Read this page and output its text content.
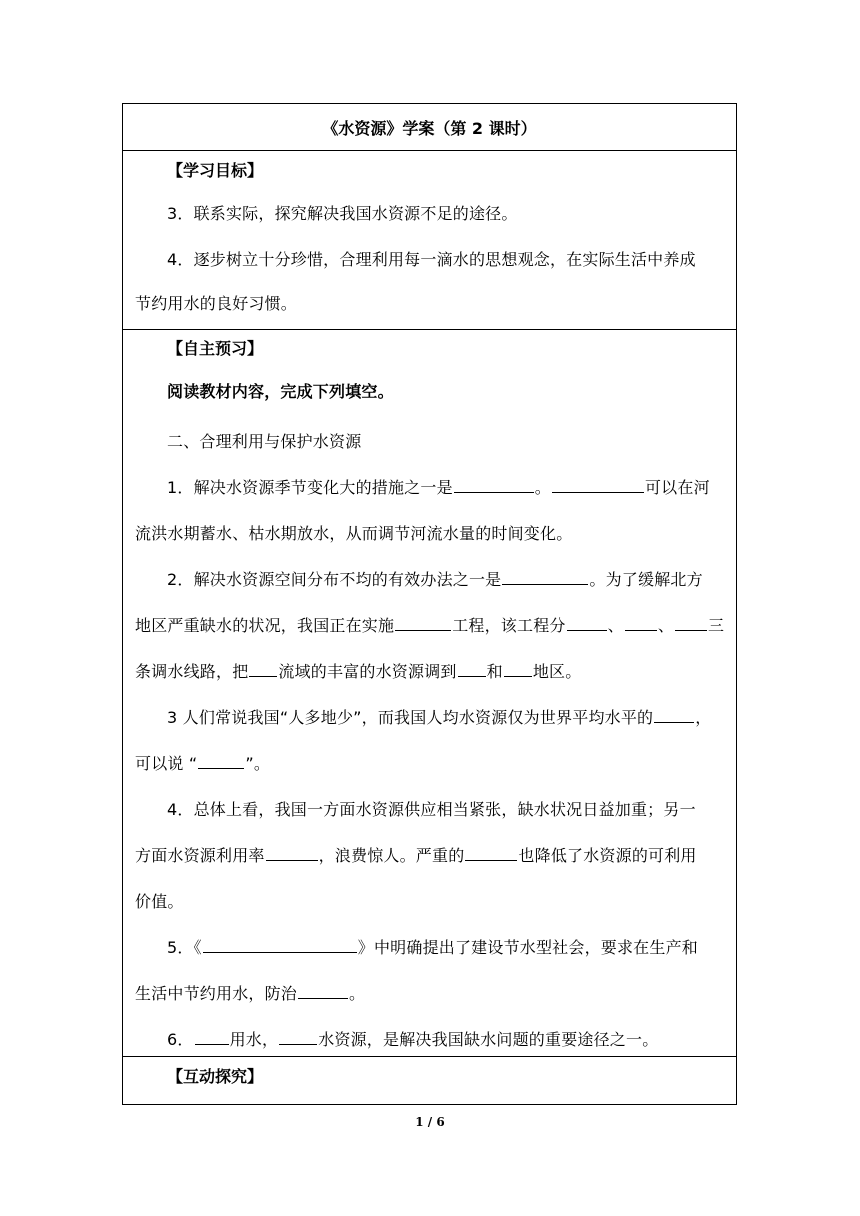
《水资源》学案（第 2 课时）
【学习目标】
3．联系实际，探究解决我国水资源不足的途径。
4．逐步树立十分珍惜，合理利用每一滴水的思想观念，在实际生活中养成
节约用水的良好习惯。
【自主预习】
阅读教材内容，完成下列填空。
二、合理利用与保护水资源
1．解决水资源季节变化大的措施之一是	。	可以在河
流洪水期蓄水、枯水期放水，从而调节河流水量的时间变化。
2．解决水资源空间分布不均的有效办法之一是	。为了缓解北方
地区严重缺水的状况，我国正在实施	工程，该工程分	、 、 三
条调水线路，把 流域的丰富的水资源调到 和 地区。
3 人们常说我国“人多地少”，而我国人均水资源仅为世界平均水平的	，
可以说 “	”。
4．总体上看，我国一方面水资源供应相当紧张，缺水状况日益加重；另一
方面水资源利用率	，浪费惊人。严重的	也降低了水资源的可利用
价值。
5．《	》中明确提出了建设节水型社会，要求在生产和
生活中节约用水，防治	。
6． 用水，	水资源，是解决我国缺水问题的重要途径之一。
【互动探究】
1 / 6
